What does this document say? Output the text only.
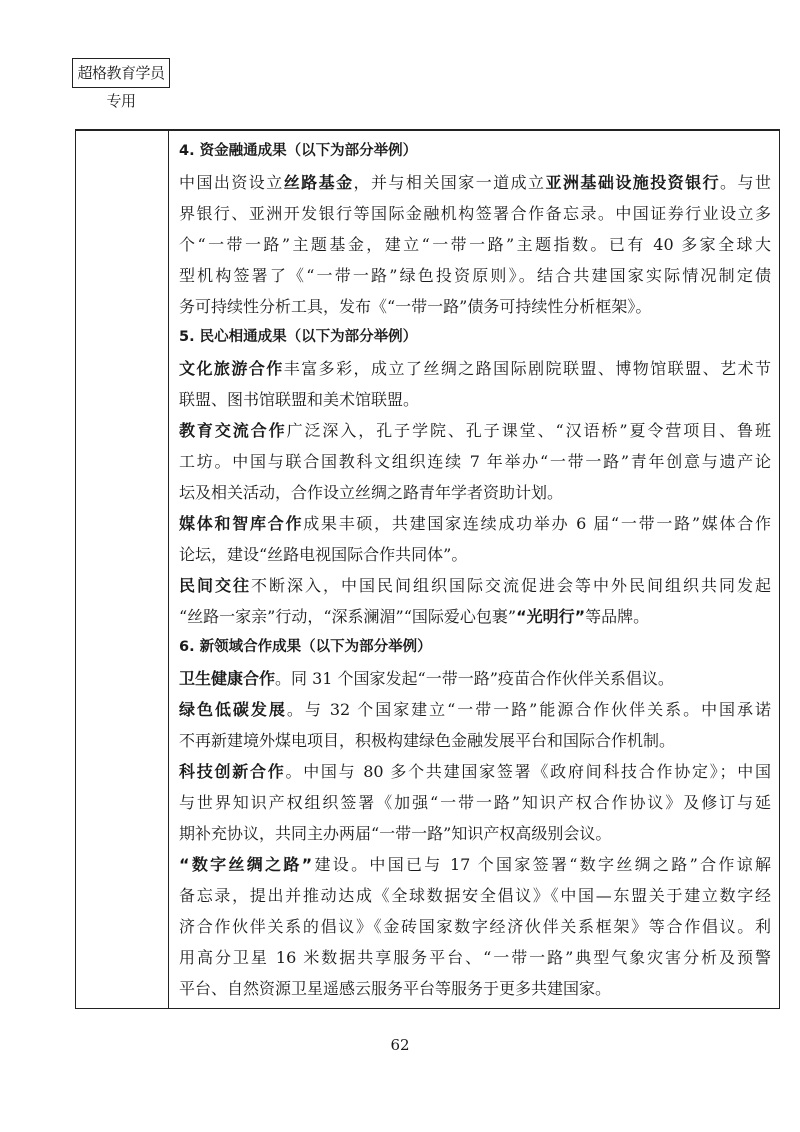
超格教育学员专用
4. 资金融通成果（以下为部分举例）
中国出资设立丝路基金，并与相关国家一道成立亚洲基础设施投资银行。与世
界银行、亚洲开发银行等国际金融机构签署合作备忘录。中国证券行业设立多
个“一带一路”主题基金，建立“一带一路”主题指数。已有 40 多家全球大
型机构签署了《“一带一路”绿色投资原则》。结合共建国家实际情况制定债
务可持续性分析工具，发布《“一带一路”债务可持续性分析框架》。
5. 民心相通成果（以下为部分举例）
文化旅游合作丰富多彩，成立了丝绸之路国际剧院联盟、博物馆联盟、艺术节
联盟、图书馆联盟和美术馆联盟。
教育交流合作广泛深入，孔子学院、孔子课堂、“汉语桥”夏令营项目、鲁班
工坊。中国与联合国教科文组织连续 7 年举办“一带一路”青年创意与遗产论
坛及相关活动，合作设立丝绸之路青年学者资助计划。
媒体和智库合作成果丰硕，共建国家连续成功举办 6 届“一带一路”媒体合作
论坛，建设“丝路电视国际合作共同体”。
民间交往不断深入，中国民间组织国际交流促进会等中外民间组织共同发起
“丝路一家亲”行动，“深系澜湄”“国际爱心包裹”“光明行”等品牌。
6. 新领域合作成果（以下为部分举例）
卫生健康合作。同 31 个国家发起“一带一路”疫苗合作伙伴关系倡议。
绿色低碳发展。与 32 个国家建立“一带一路”能源合作伙伴关系。中国承诺
不再新建境外煤电项目，积极构建绿色金融发展平台和国际合作机制。
科技创新合作。中国与 80 多个共建国家签署《政府间科技合作协定》；中国
与世界知识产权组织签署《加强“一带一路”知识产权合作协议》及修订与延
期补充协议，共同主办两届“一带一路”知识产权高级别会议。
“数字丝绸之路”建设。中国已与 17 个国家签署“数字丝绸之路”合作谅解
备忘录，提出并推动达成《全球数据安全倡议》《中国—东盟关于建立数字经
济合作伙伴关系的倡议》《金砖国家数字经济伙伴关系框架》等合作倡议。利
用高分卫星 16 米数据共享服务平台、“一带一路”典型气象灾害分析及预警
平台、自然资源卫星遥感云服务平台等服务于更多共建国家。
62
